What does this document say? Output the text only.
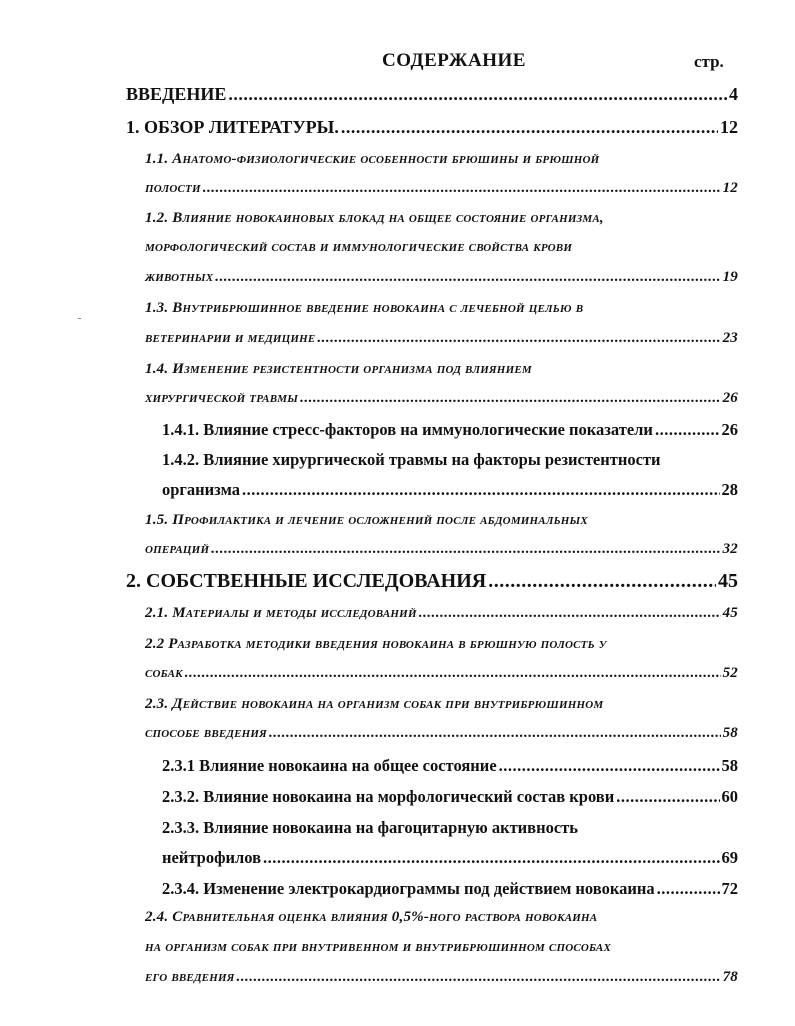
СОДЕРЖАНИЕ	стр.
ВВЕДЕНИЕ .....	4
1. ОБЗОР ЛИТЕРАТУРЫ. .....	12
1.1. Анатомо-физиологические особенности брюшины и брюшной
полости .....	12
1.2. Влияние новокаиновых блокад на общее состояние организма,
морфологический состав и иммунологические свойства крови
животных .....	19
1.3. Внутрибрюшинное введение новокаина с лечебной целью в
ветеринарии и медицине .....	23
1.4. Изменение резистентности организма под влиянием
хирургической травмы .....	26
1.4.1. Влияние стресс-факторов на иммунологические показатели .....	26
1.4.2. Влияние хирургической травмы на факторы резистентности
организма .....	28
1.5. Профилактика и лечение осложнений после абдоминальных
операций .....	32
2. СОБСТВЕННЫЕ ИССЛЕДОВАНИЯ .....	45
2.1. Материалы и методы исследований .....	45
2.2 Разработка методики введения новокаина в брюшную полость у
собак .....	52
2.3. Действие новокаина на организм собак при внутрибрюшинном
способе введения .....	58
2.3.1 Влияние новокаина на общее состояние .....	58
2.3.2. Влияние новокаина на морфологический состав крови .....	60
2.3.3. Влияние новокаина на фагоцитарную активность
нейтрофилов .....	69
2.3.4. Изменение электрокардиограммы под действием новокаина .....	72
2.4. Сравнительная оценка влияния 0,5%-ного раствора новокаина
на организм собак при внутривенном и внутрибрюшинном способах
его введения .....	78
